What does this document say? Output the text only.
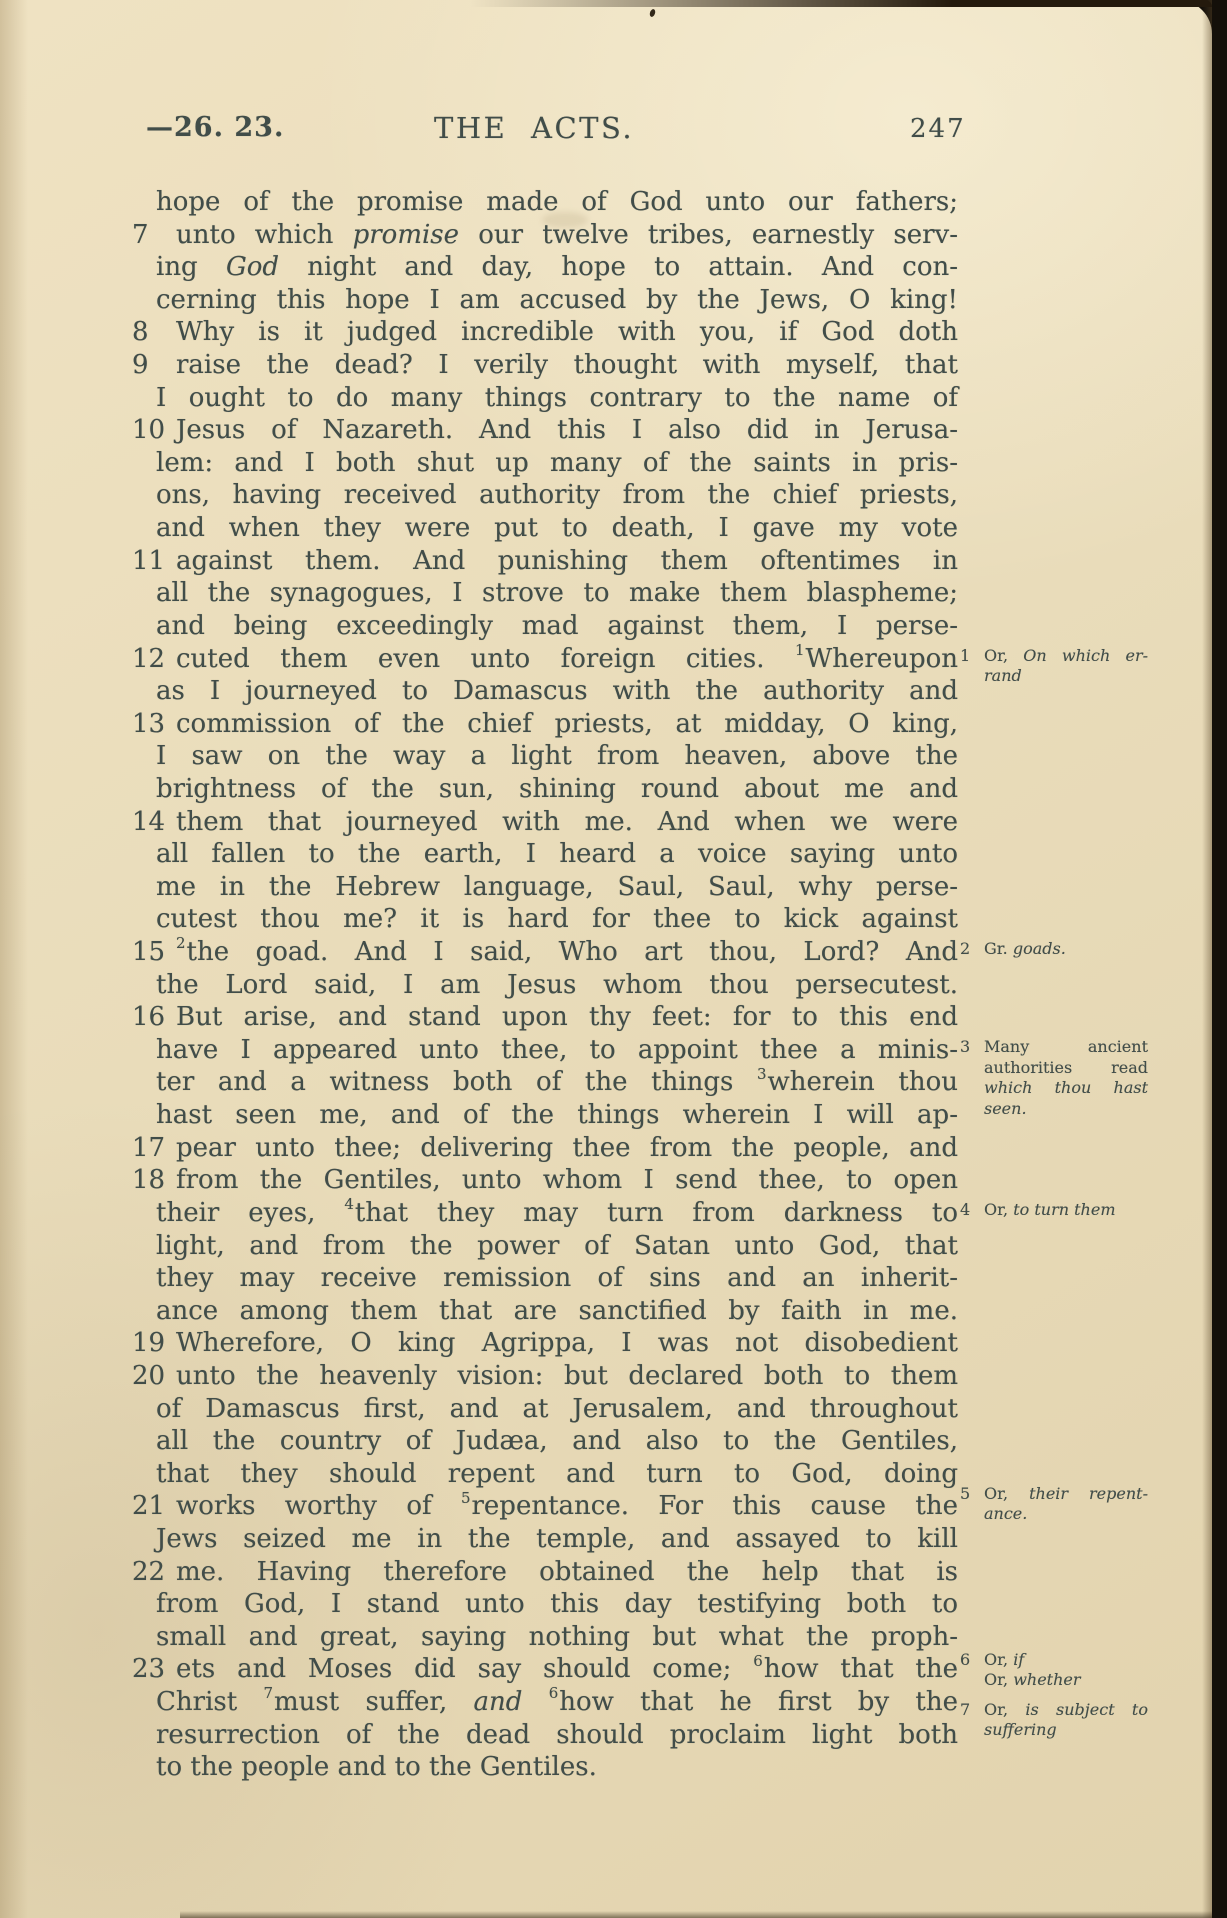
—26. 23.	THE ACTS.	247
hope of the promise made of God unto our fathers;
7	unto which promise our twelve tribes, earnestly serv-
ing God night and day, hope to attain. And con-
cerning this hope I am accused by the Jews, O king!
8	Why is it judged incredible with you, if God doth
9	raise the dead? I verily thought with myself, that
I ought to do many things contrary to the name of
10 Jesus of Nazareth. And this I also did in Jerusa-
lem: and I both shut up many of the saints in pris-
ons, having received authority from the chief priests,
and when they were put to death, I gave my vote
11 against them. And punishing them oftentimes in
all the synagogues, I strove to make them blaspheme;
and being exceedingly mad against them, I perse-
12 cuted them even unto foreign cities. $^1$Whereupon
as I journeyed to Damascus with the authority and
13 commission of the chief priests, at midday, O king,
I saw on the way a light from heaven, above the
brightness of the sun, shining round about me and
14 them that journeyed with me. And when we were
all fallen to the earth, I heard a voice saying unto
me in the Hebrew language, Saul, Saul, why perse-
cutest thou me? it is hard for thee to kick against
15 $^2$the goad. And I said, Who art thou, Lord? And
the Lord said, I am Jesus whom thou persecutest.
16 But arise, and stand upon thy feet: for to this end
have I appeared unto thee, to appoint thee a minis-
ter and a witness both of the things $^3$wherein thou
hast seen me, and of the things wherein I will ap-
17 pear unto thee; delivering thee from the people, and
18 from the Gentiles, unto whom I send thee, to open
their eyes, $^4$that they may turn from darkness to
light, and from the power of Satan unto God, that
they may receive remission of sins and an inherit-
ance among them that are sanctified by faith in me.
19 Wherefore, O king Agrippa, I was not disobedient
20 unto the heavenly vision: but declared both to them
of Damascus first, and at Jerusalem, and throughout
all the country of Judæa, and also to the Gentiles,
that they should repent and turn to God, doing
21 works worthy of $^5$repentance. For this cause the
Jews seized me in the temple, and assayed to kill
22 me. Having therefore obtained the help that is
from God, I stand unto this day testifying both to
small and great, saying nothing but what the proph-
23 ets and Moses did say should come; $^6$how that the
Christ $^7$must suffer, and $^6$how that he first by the
resurrection of the dead should proclaim light both
to the people and to the Gentiles.
1 Or, On which er-
rand
2 Gr. goads.
3 Many ancient
authorities read
which thou hast
seen.
4 Or, to turn them
5 Or, their repent-
ance.
6 Or, if
Or, whether
7 Or, is subject to
suffering
